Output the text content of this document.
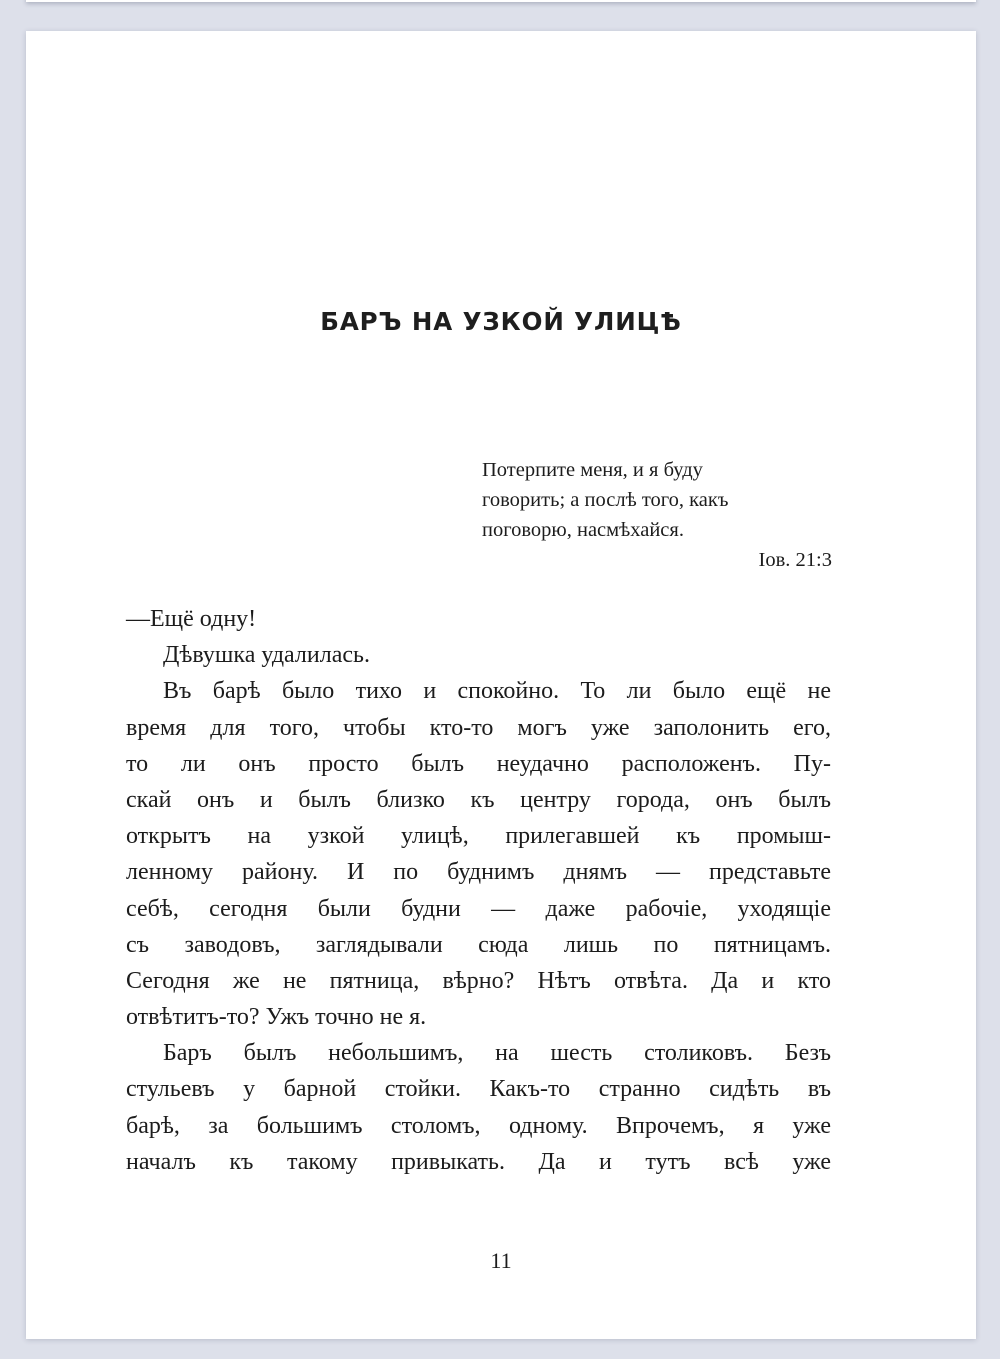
БАРЪ НА УЗКОЙ УЛИЦѢ
Потерпите меня, и я буду
говорить; а послѣ того, какъ
поговорю, насмѣхайся.
Іов. 21:3
—Ещё одну!
Дѣвушка удалилась.
Въ барѣ было тихо и спокойно. То ли было ещё не
время для того, чтобы кто-то могъ уже заполонить его,
то ли онъ просто былъ неудачно расположенъ. Пу-
скай онъ и былъ близко къ центру города, онъ былъ
открытъ на узкой улицѣ, прилегавшей къ промыш-
ленному району. И по буднимъ днямъ — представьте
себѣ, сегодня были будни — даже рабочіе, уходящіе
съ заводовъ, заглядывали сюда лишь по пятницамъ.
Сегодня же не пятница, вѣрно? Нѣтъ отвѣта. Да и кто
отвѣтитъ-то? Ужъ точно не я.
Баръ былъ небольшимъ, на шесть столиковъ. Безъ
стульевъ у барной стойки. Какъ-то странно сидѣть въ
барѣ, за большимъ столомъ, одному. Впрочемъ, я уже
началъ къ такому привыкать. Да и тутъ всѣ уже
11
